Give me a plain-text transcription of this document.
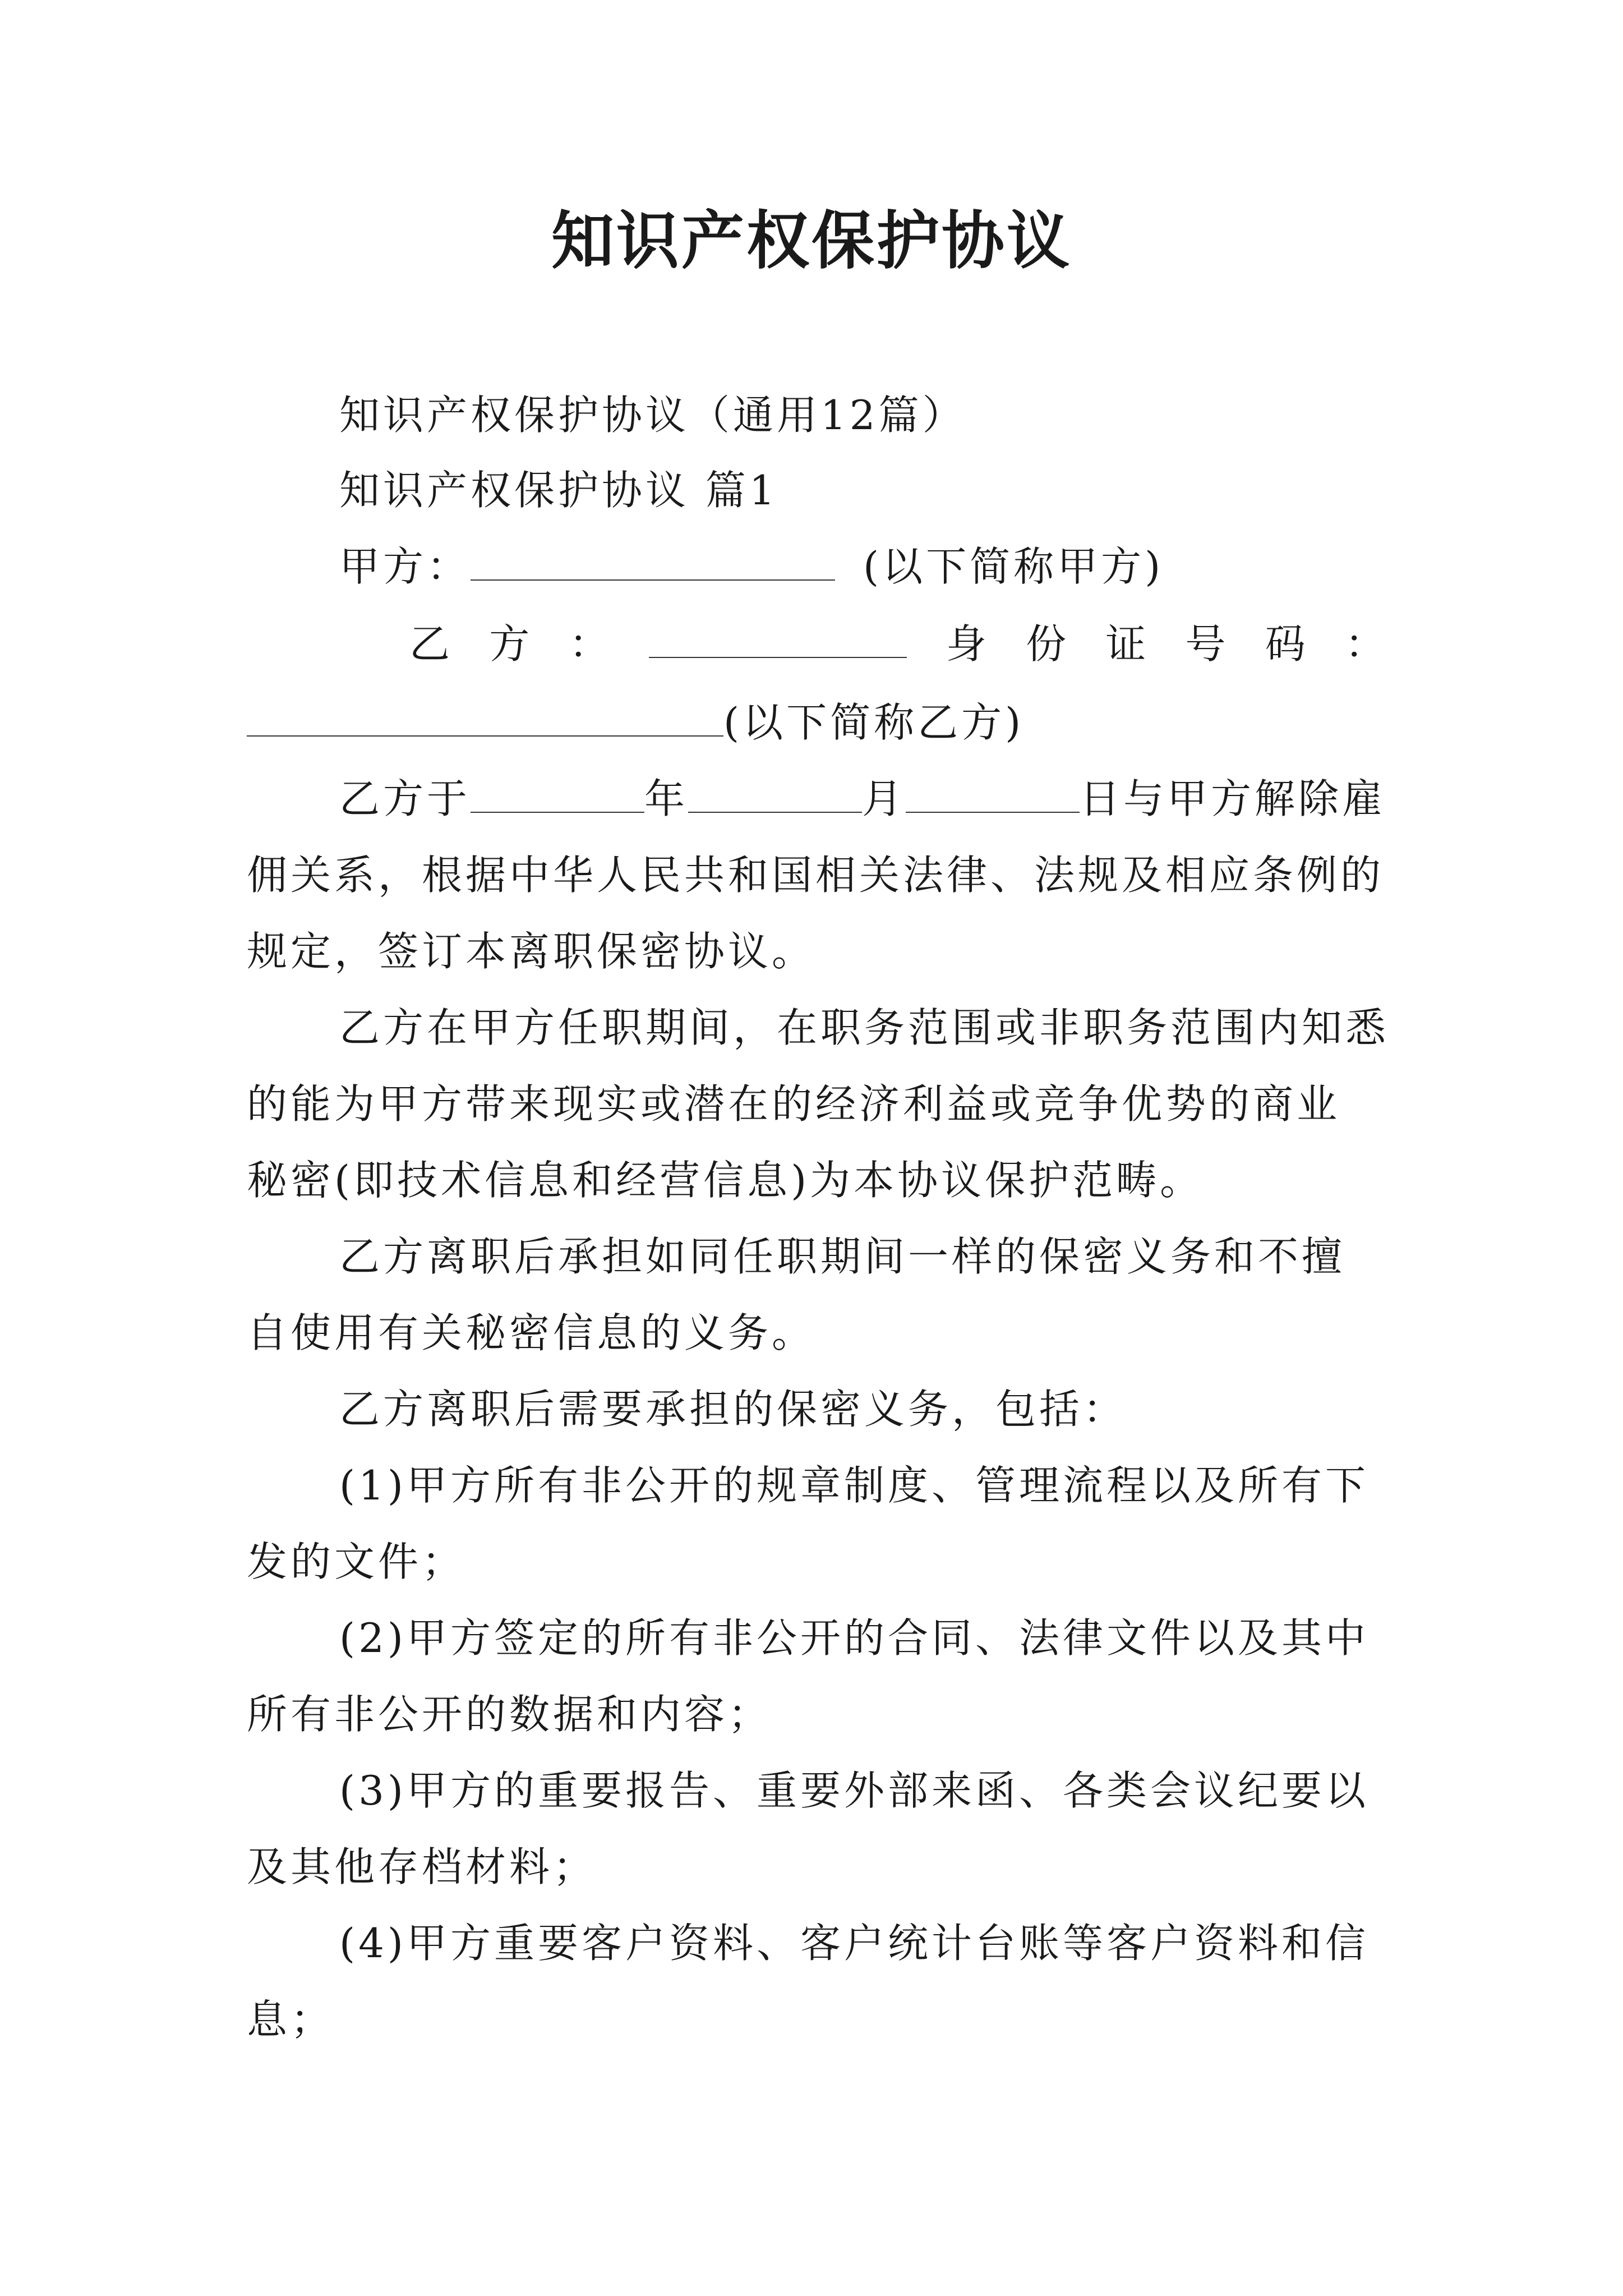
知识产权保护协议
知识产权保护协议（通用12篇）
知识产权保护协议 篇1
甲方：	(以下简称甲方)
乙 方 ：	身 份 证 号 码 ：
(以下简称乙方)
乙方于	年	月	日与甲方解除雇
佣关系，根据中华人民共和国相关法律、法规及相应条例的
规定，签订本离职保密协议。
乙方在甲方任职期间，在职务范围或非职务范围内知悉
的能为甲方带来现实或潜在的经济利益或竞争优势的商业
秘密(即技术信息和经营信息)为本协议保护范畴。
乙方离职后承担如同任职期间一样的保密义务和不擅
自使用有关秘密信息的义务。
乙方离职后需要承担的保密义务，包括：
(1)甲方所有非公开的规章制度、管理流程以及所有下
发的文件；
(2)甲方签定的所有非公开的合同、法律文件以及其中
所有非公开的数据和内容；
(3)甲方的重要报告、重要外部来函、各类会议纪要以
及其他存档材料；
(4)甲方重要客户资料、客户统计台账等客户资料和信
息；
